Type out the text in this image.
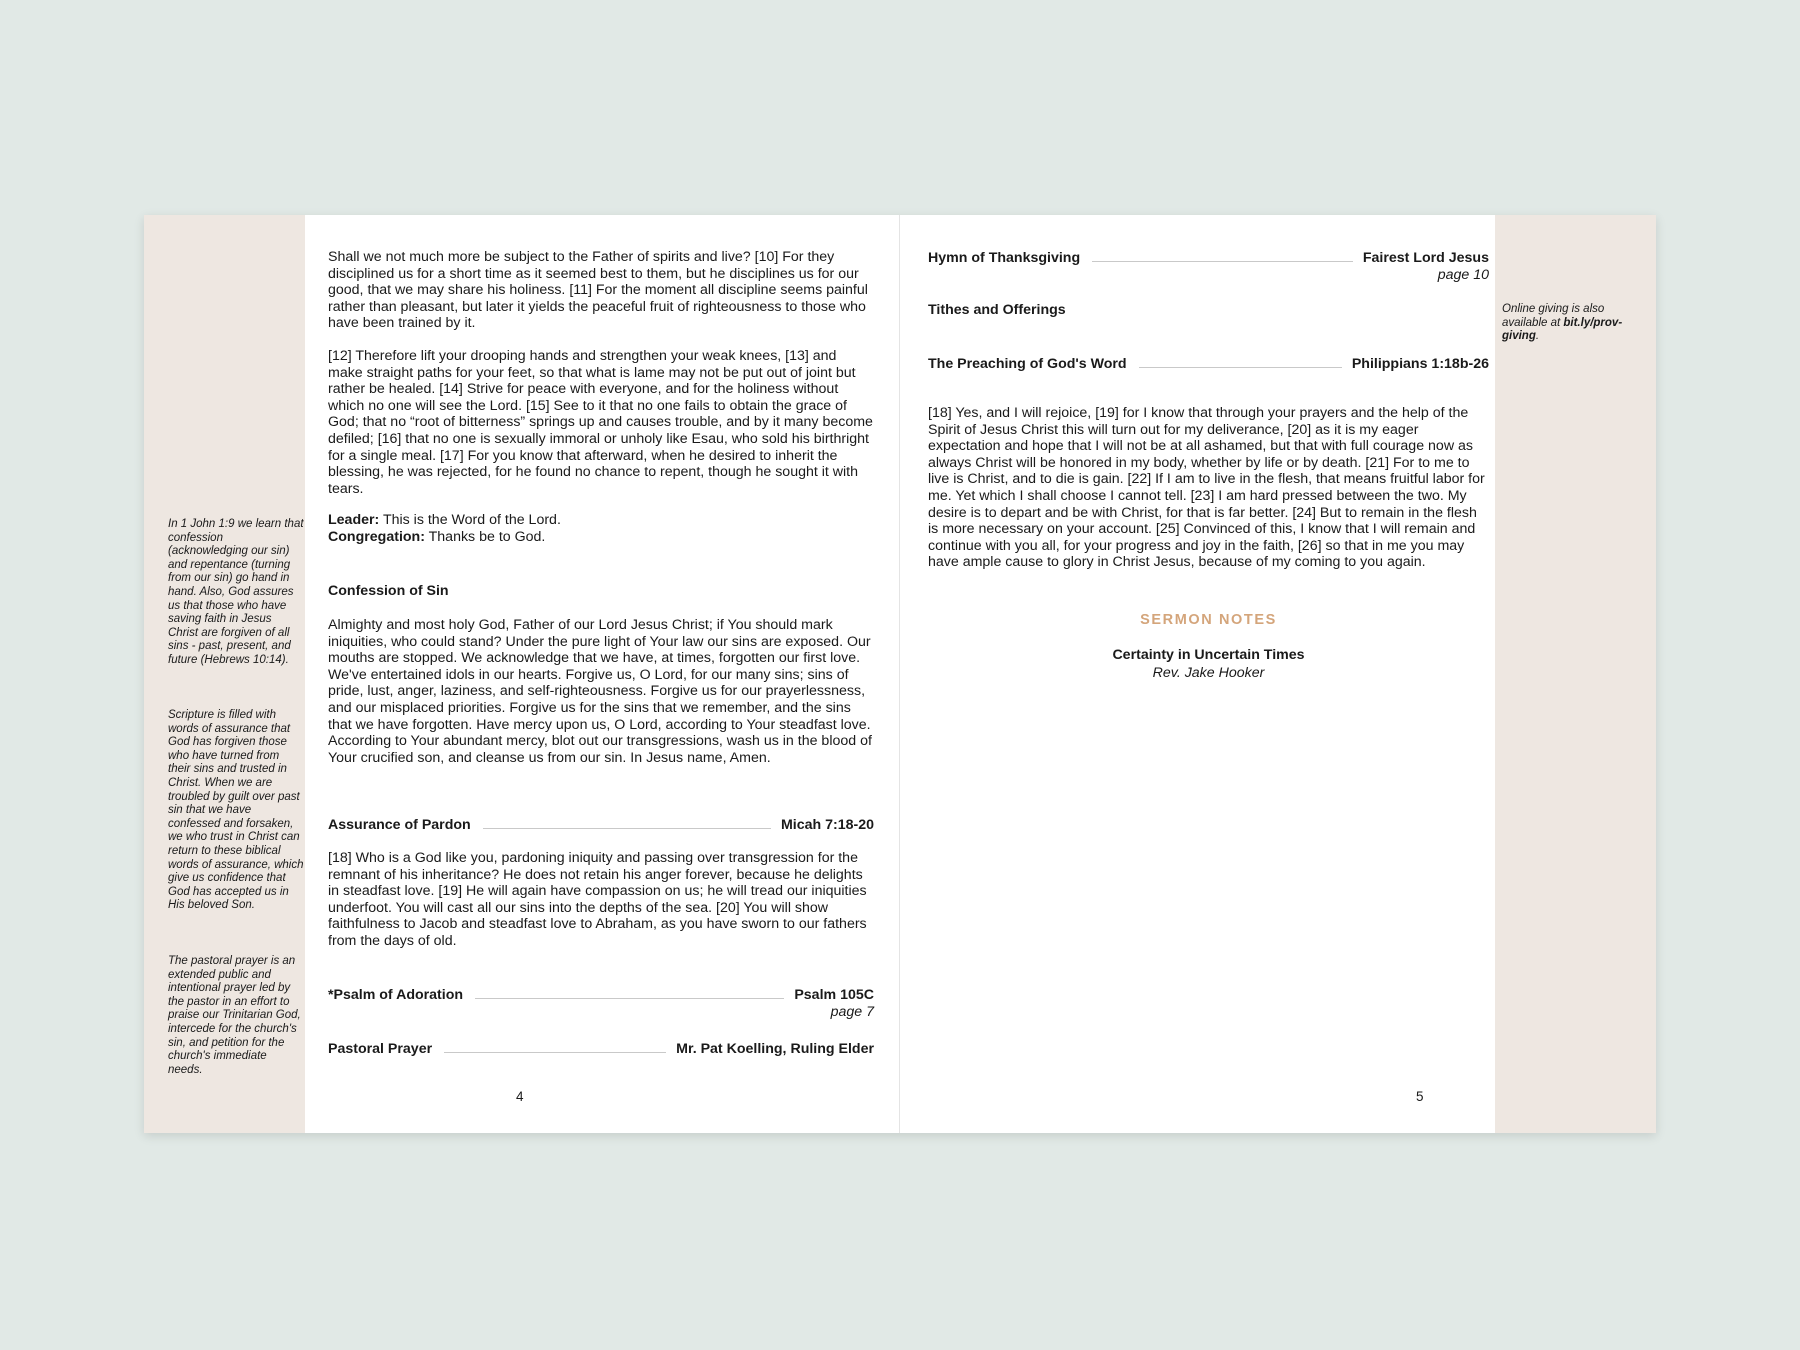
In 1 John 1:9 we learn that confession (acknowledging our sin) and repentance (turning from our sin) go hand in hand. Also, God assures us that those who have saving faith in Jesus Christ are forgiven of all sins - past, present, and future (Hebrews 10:14).
Scripture is filled with words of assurance that God has forgiven those who have turned from their sins and trusted in Christ. When we are troubled by guilt over past sin that we have confessed and forsaken, we who trust in Christ can return to these biblical words of assurance, which give us confidence that God has accepted us in His beloved Son.
The pastoral prayer is an extended public and intentional prayer led by the pastor in an effort to praise our Trinitarian God, intercede for the church's sin, and petition for the church's immediate needs.
Online giving is also available at bit.ly/prov-giving.

Shall we not much more be subject to the Father of spirits and live? [10] For they disciplined us for a short time as it seemed best to them, but he disciplines us for our good, that we may share his holiness. [11] For the moment all discipline seems painful rather than pleasant, but later it yields the peaceful fruit of righteousness to those who have been trained by it.

[12] Therefore lift your drooping hands and strengthen your weak knees, [13] and make straight paths for your feet, so that what is lame may not be put out of joint but rather be healed. [14] Strive for peace with everyone, and for the holiness without which no one will see the Lord. [15] See to it that no one fails to obtain the grace of God; that no “root of bitterness” springs up and causes trouble, and by it many become defiled; [16] that no one is sexually immoral or unholy like Esau, who sold his birthright for a single meal. [17] For you know that afterward, when he desired to inherit the blessing, he was rejected, for he found no chance to repent, though he sought it with tears.

Leader: This is the Word of the Lord.

Congregation: Thanks be to God.

Confession of Sin

Almighty and most holy God, Father of our Lord Jesus Christ; if You should mark iniquities, who could stand? Under the pure light of Your law our sins are exposed. Our mouths are stopped. We acknowledge that we have, at times, forgotten our first love. We've entertained idols in our hearts. Forgive us, O Lord, for our many sins; sins of pride, lust, anger, laziness, and self-righteousness. Forgive us for our prayerlessness, and our misplaced priorities. Forgive us for the sins that we remember, and the sins that we have forgotten. Have mercy upon us, O Lord, according to Your steadfast love. According to Your abundant mercy, blot out our transgressions, wash us in the blood of Your crucified son, and cleanse us from our sin. In Jesus name, Amen.

Assurance of Pardon	Micah 7:18-20

[18] Who is a God like you, pardoning iniquity and passing over transgression for the remnant of his inheritance? He does not retain his anger forever, because he delights in steadfast love. [19] He will again have compassion on us; he will tread our iniquities underfoot. You will cast all our sins into the depths of the sea. [20] You will show faithfulness to Jacob and steadfast love to Abraham, as you have sworn to our fathers from the days of old.

*Psalm of Adoration	Psalm 105C
page 7
Pastoral Prayer	Mr. Pat Koelling, Ruling Elder
4
Hymn of Thanksgiving	Fairest Lord Jesus
page 10
Tithes and Offerings
The Preaching of God's Word	Philippians 1:18b-26

[18] Yes, and I will rejoice, [19] for I know that through your prayers and the help of the Spirit of Jesus Christ this will turn out for my deliverance, [20] as it is my eager expectation and hope that I will not be at all ashamed, but that with full courage now as always Christ will be honored in my body, whether by life or by death. [21] For to me to live is Christ, and to die is gain. [22] If I am to live in the flesh, that means fruitful labor for me. Yet which I shall choose I cannot tell. [23] I am hard pressed between the two. My desire is to depart and be with Christ, for that is far better. [24] But to remain in the flesh is more necessary on your account. [25] Convinced of this, I know that I will remain and continue with you all, for your progress and joy in the faith, [26] so that in me you may have ample cause to glory in Christ Jesus, because of my coming to you again.

SERMON NOTES
Certainty in Uncertain Times
Rev. Jake Hooker
5
